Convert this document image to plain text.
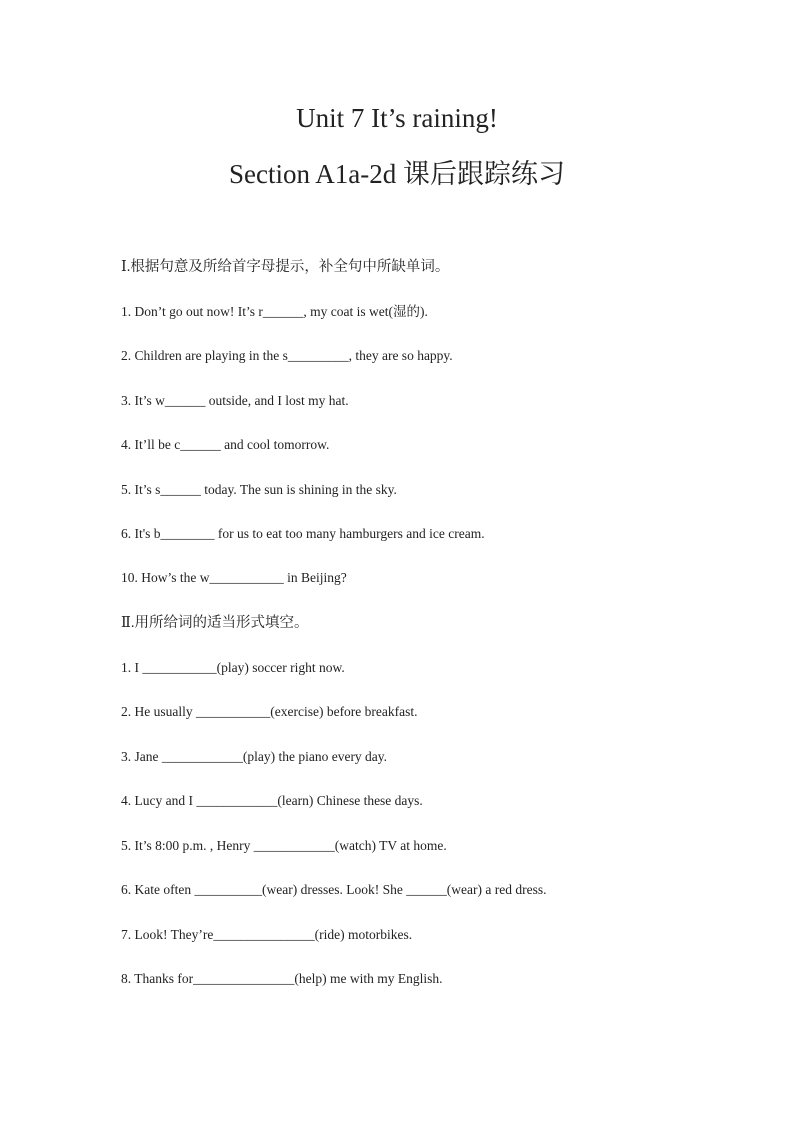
Unit 7 It’s raining!
Section A1a-2d 课后跟踪练习
Ⅰ.根据句意及所给首字母提示，补全句中所缺单词。
1. Don’t go out now! It’s r______, my coat is wet(湿的).
2. Children are playing in the s_________, they are so happy.
3. It’s w______ outside, and I lost my hat.
4. It’ll be c______ and cool tomorrow.
5. It’s s______ today. The sun is shining in the sky.
6. It's b________ for us to eat too many hamburgers and ice cream.
10. How’s the w___________ in Beijing?
Ⅱ.用所给词的适当形式填空。
1. I ___________(play) soccer right now.
2. He usually ___________(exercise) before breakfast.
3. Jane ____________(play) the piano every day.
4. Lucy and I ____________(learn) Chinese these days.
5. It’s 8:00 p.m. , Henry ____________(watch) TV at home.
6. Kate often __________(wear) dresses. Look! She ______(wear) a red dress.
7. Look! They’re_______________(ride) motorbikes.
8. Thanks for_______________(help) me with my English.
